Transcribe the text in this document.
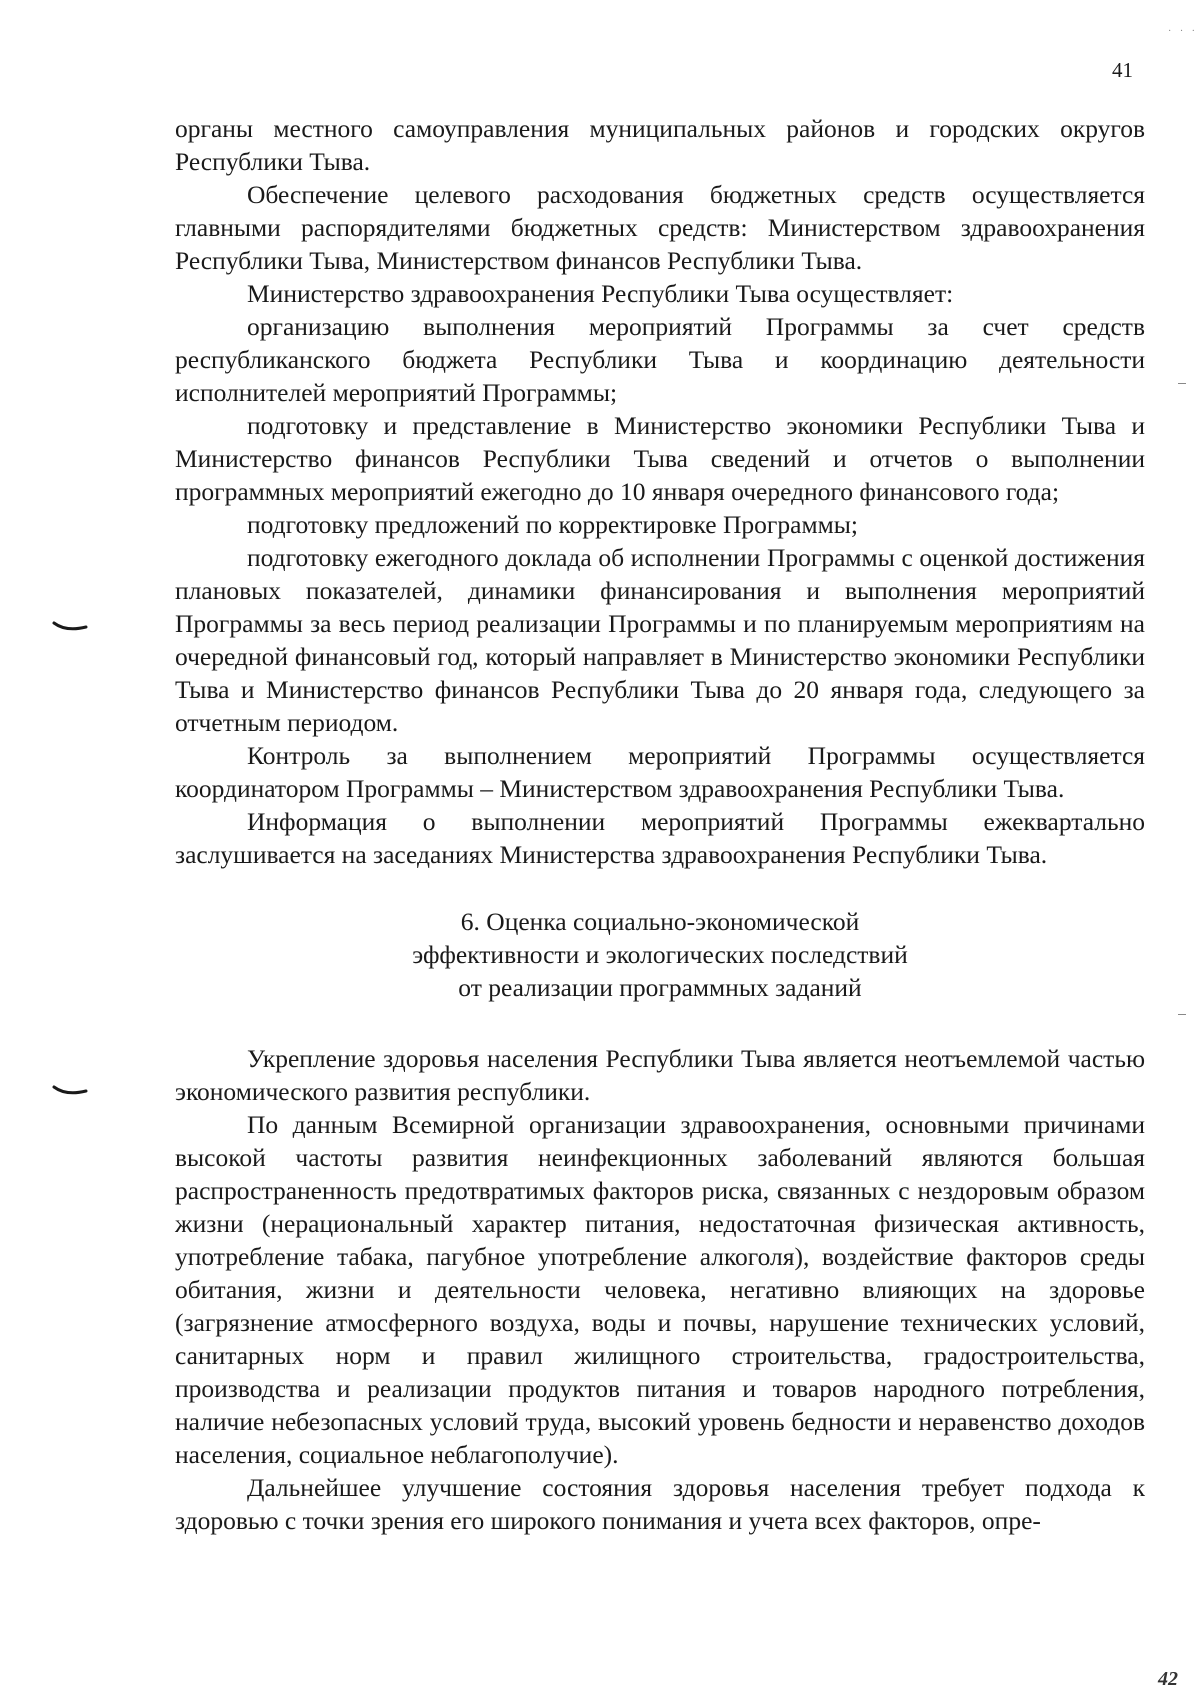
· · ·
41

органы местного самоуправления муниципальных районов и городских округов Республики Тыва.

Обеспечение целевого расходования бюджетных средств осуществляется главными распорядителями бюджетных средств: Министерством здравоохранения Республики Тыва, Министерством финансов Республики Тыва.

Министерство здравоохранения Республики Тыва осуществляет:

организацию выполнения мероприятий Программы за счет средств республиканского бюджета Республики Тыва и координацию деятельности исполнителей мероприятий Программы;

подготовку и представление в Министерство экономики Республики Тыва и Министерство финансов Республики Тыва сведений и отчетов о выполнении программных мероприятий ежегодно до 10 января очередного финансового года;

подготовку предложений по корректировке Программы;

подготовку ежегодного доклада об исполнении Программы с оценкой достижения плановых показателей, динамики финансирования и выполнения мероприятий Программы за весь период реализации Программы и по планируемым мероприятиям на очередной финансовый год, который направляет в Министерство экономики Республики Тыва и Министерство финансов Республики Тыва до 20 января года, следующего за отчетным периодом.

Контроль за выполнением мероприятий Программы осуществляется координатором Программы – Министерством здравоохранения Республики Тыва.

Информация о выполнении мероприятий Программы ежеквартально заслушивается на заседаниях Министерства здравоохранения Республики Тыва.

6. Оценка социально-экономической
эффективности и экологических последствий
от реализации программных заданий

Укрепление здоровья населения Республики Тыва является неотъемлемой частью экономического развития республики.

По данным Всемирной организации здравоохранения, основными причинами высокой частоты развития неинфекционных заболеваний являются большая распространенность предотвратимых факторов риска, связанных с нездоровым образом жизни (нерациональный характер питания, недостаточная физическая активность, употребление табака, пагубное употребление алкоголя), воздействие факторов среды обитания, жизни и деятельности человека, негативно влияющих на здоровье (загрязнение атмосферного воздуха, воды и почвы, нарушение технических условий, санитарных норм и правил жилищного строительства, градостроительства, производства и реализации продуктов питания и товаров народного потребления, наличие небезопасных условий труда, высокий уровень бедности и неравенство доходов населения, социальное неблагополучие).

Дальнейшее улучшение состояния здоровья населения требует подхода к здоровью с точки зрения его широкого понимания и учета всех факторов, опре-

42
